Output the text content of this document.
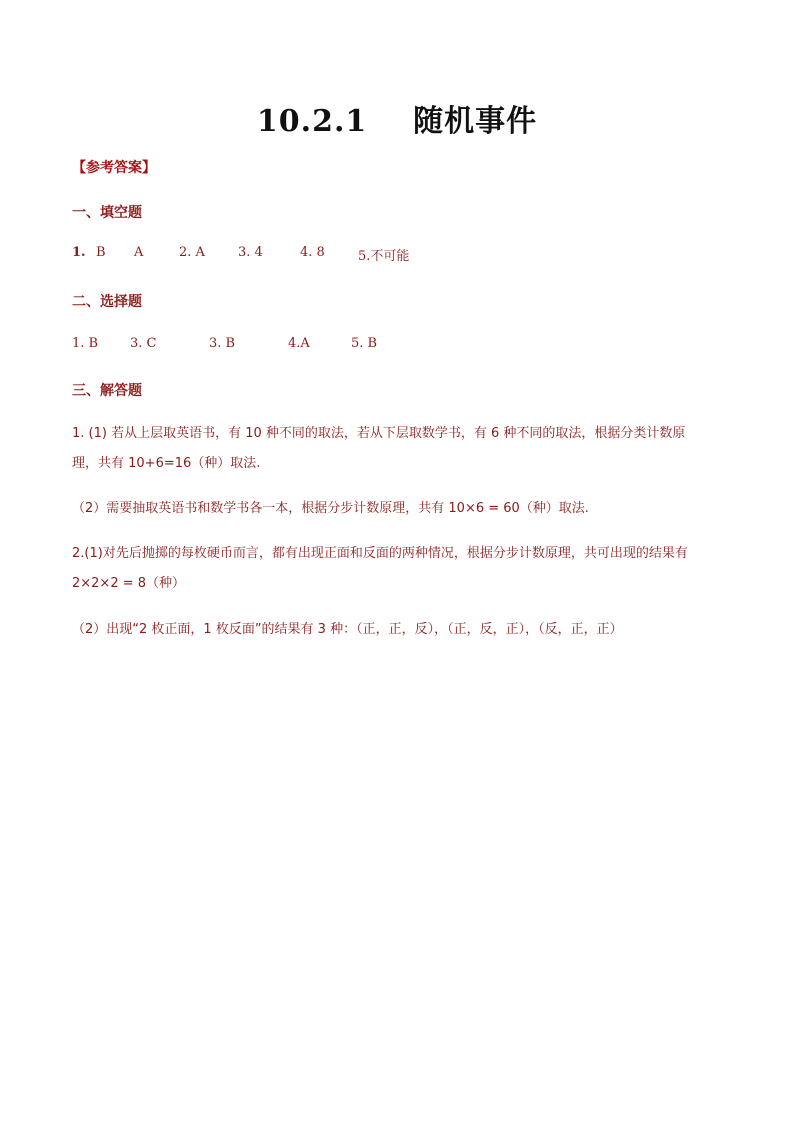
10.2.1    随机事件
【参考答案】
一、填空题
1. B A	2. A	3. 4	4. 8	5.不可能
二、选择题
1. B 3. C	3. B	4.A	5. B
三、解答题
1. (1) 若从上层取英语书，有 10 种不同的取法，若从下层取数学书，有 6 种不同的取法，根据分类计数原
理，共有 10+6=16（种）取法.
（2）需要抽取英语书和数学书各一本，根据分步计数原理，共有 10×6 = 60（种）取法.
2.(1)对先后抛掷的每枚硬币而言，都有出现正面和反面的两种情况，根据分步计数原理，共可出现的结果有
2×2×2 = 8（种）
（2）出现“2 枚正面，1 枚反面”的结果有 3 种：（正，正，反），（正，反，正），（反，正，正）
